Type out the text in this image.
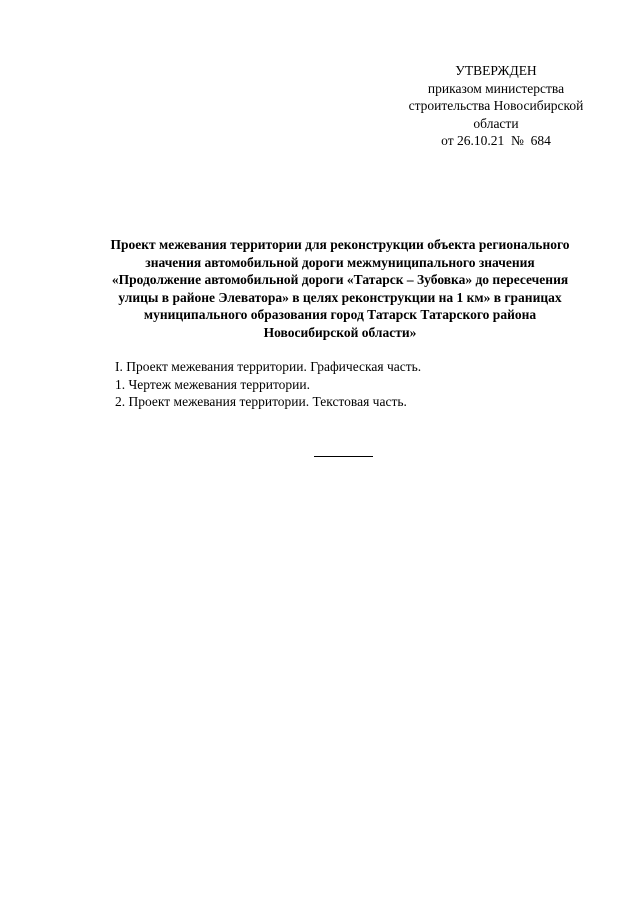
УТВЕРЖДЕН
приказом министерства
строительства Новосибирской
области
от 26.10.21  №  684
Проект межевания территории для реконструкции объекта регионального
значения автомобильной дороги межмуниципального значения
«Продолжение автомобильной дороги «Татарск – Зубовка» до пересечения
улицы в районе Элеватора» в целях реконструкции на 1 км» в границах
муниципального образования город Татарск Татарского района
Новосибирской области»
I. Проект межевания территории. Графическая часть.
1. Чертеж межевания территории.
2. Проект межевания территории. Текстовая часть.
